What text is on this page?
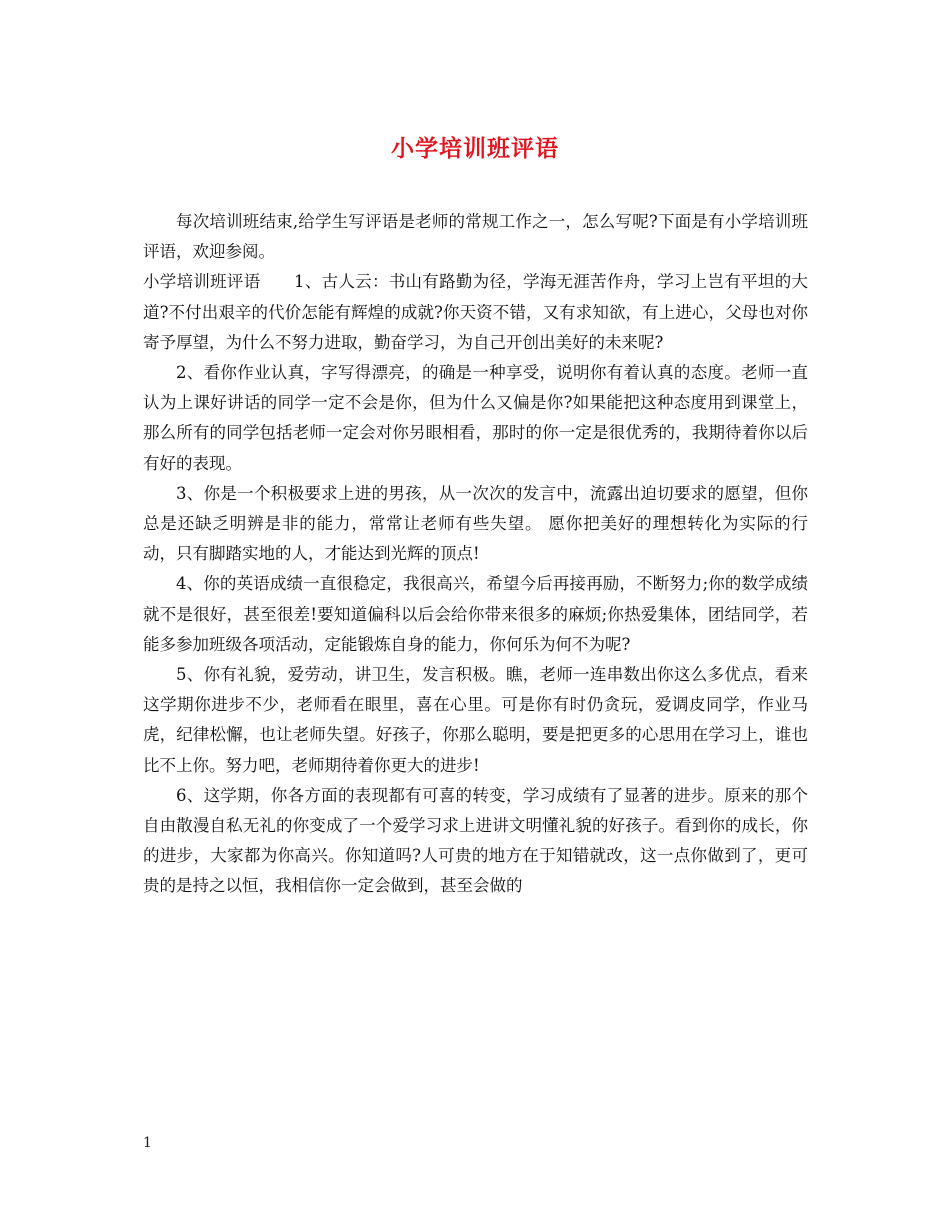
小学培训班评语

每次培训班结束,给学生写评语是老师的常规工作之一，怎么写呢?下面是有小学培训班评语，欢迎参阅。

小学培训班评语　　1、古人云：书山有路勤为径，学海无涯苦作舟，学习上岂有平坦的大道?不付出艰辛的代价怎能有辉煌的成就?你天资不错，又有求知欲，有上进心，父母也对你寄予厚望，为什么不努力进取，勤奋学习，为自己开创出美好的未来呢?

2、看你作业认真，字写得漂亮，的确是一种享受，说明你有着认真的态度。老师一直认为上课好讲话的同学一定不会是你，但为什么又偏是你?如果能把这种态度用到课堂上，那么所有的同学包括老师一定会对你另眼相看，那时的你一定是很优秀的，我期待着你以后有好的表现。

3、你是一个积极要求上进的男孩，从一次次的发言中，流露出迫切要求的愿望，但你总是还缺乏明辨是非的能力，常常让老师有些失望。 愿你把美好的理想转化为实际的行动，只有脚踏实地的人，才能达到光辉的顶点!

4、你的英语成绩一直很稳定，我很高兴，希望今后再接再励，不断努力;你的数学成绩就不是很好，甚至很差!要知道偏科以后会给你带来很多的麻烦;你热爱集体，团结同学，若能多参加班级各项活动，定能锻炼自身的能力，你何乐为何不为呢?

5、你有礼貌，爱劳动，讲卫生，发言积极。瞧，老师一连串数出你这么多优点，看来这学期你进步不少，老师看在眼里，喜在心里。可是你有时仍贪玩，爱调皮同学，作业马虎，纪律松懈，也让老师失望。好孩子，你那么聪明，要是把更多的心思用在学习上，谁也比不上你。努力吧，老师期待着你更大的进步!

6、这学期，你各方面的表现都有可喜的转变，学习成绩有了显著的进步。原来的那个自由散漫自私无礼的你变成了一个爱学习求上进讲文明懂礼貌的好孩子。看到你的成长，你的进步，大家都为你高兴。你知道吗?人可贵的地方在于知错就改，这一点你做到了，更可贵的是持之以恒，我相信你一定会做到，甚至会做的

1
